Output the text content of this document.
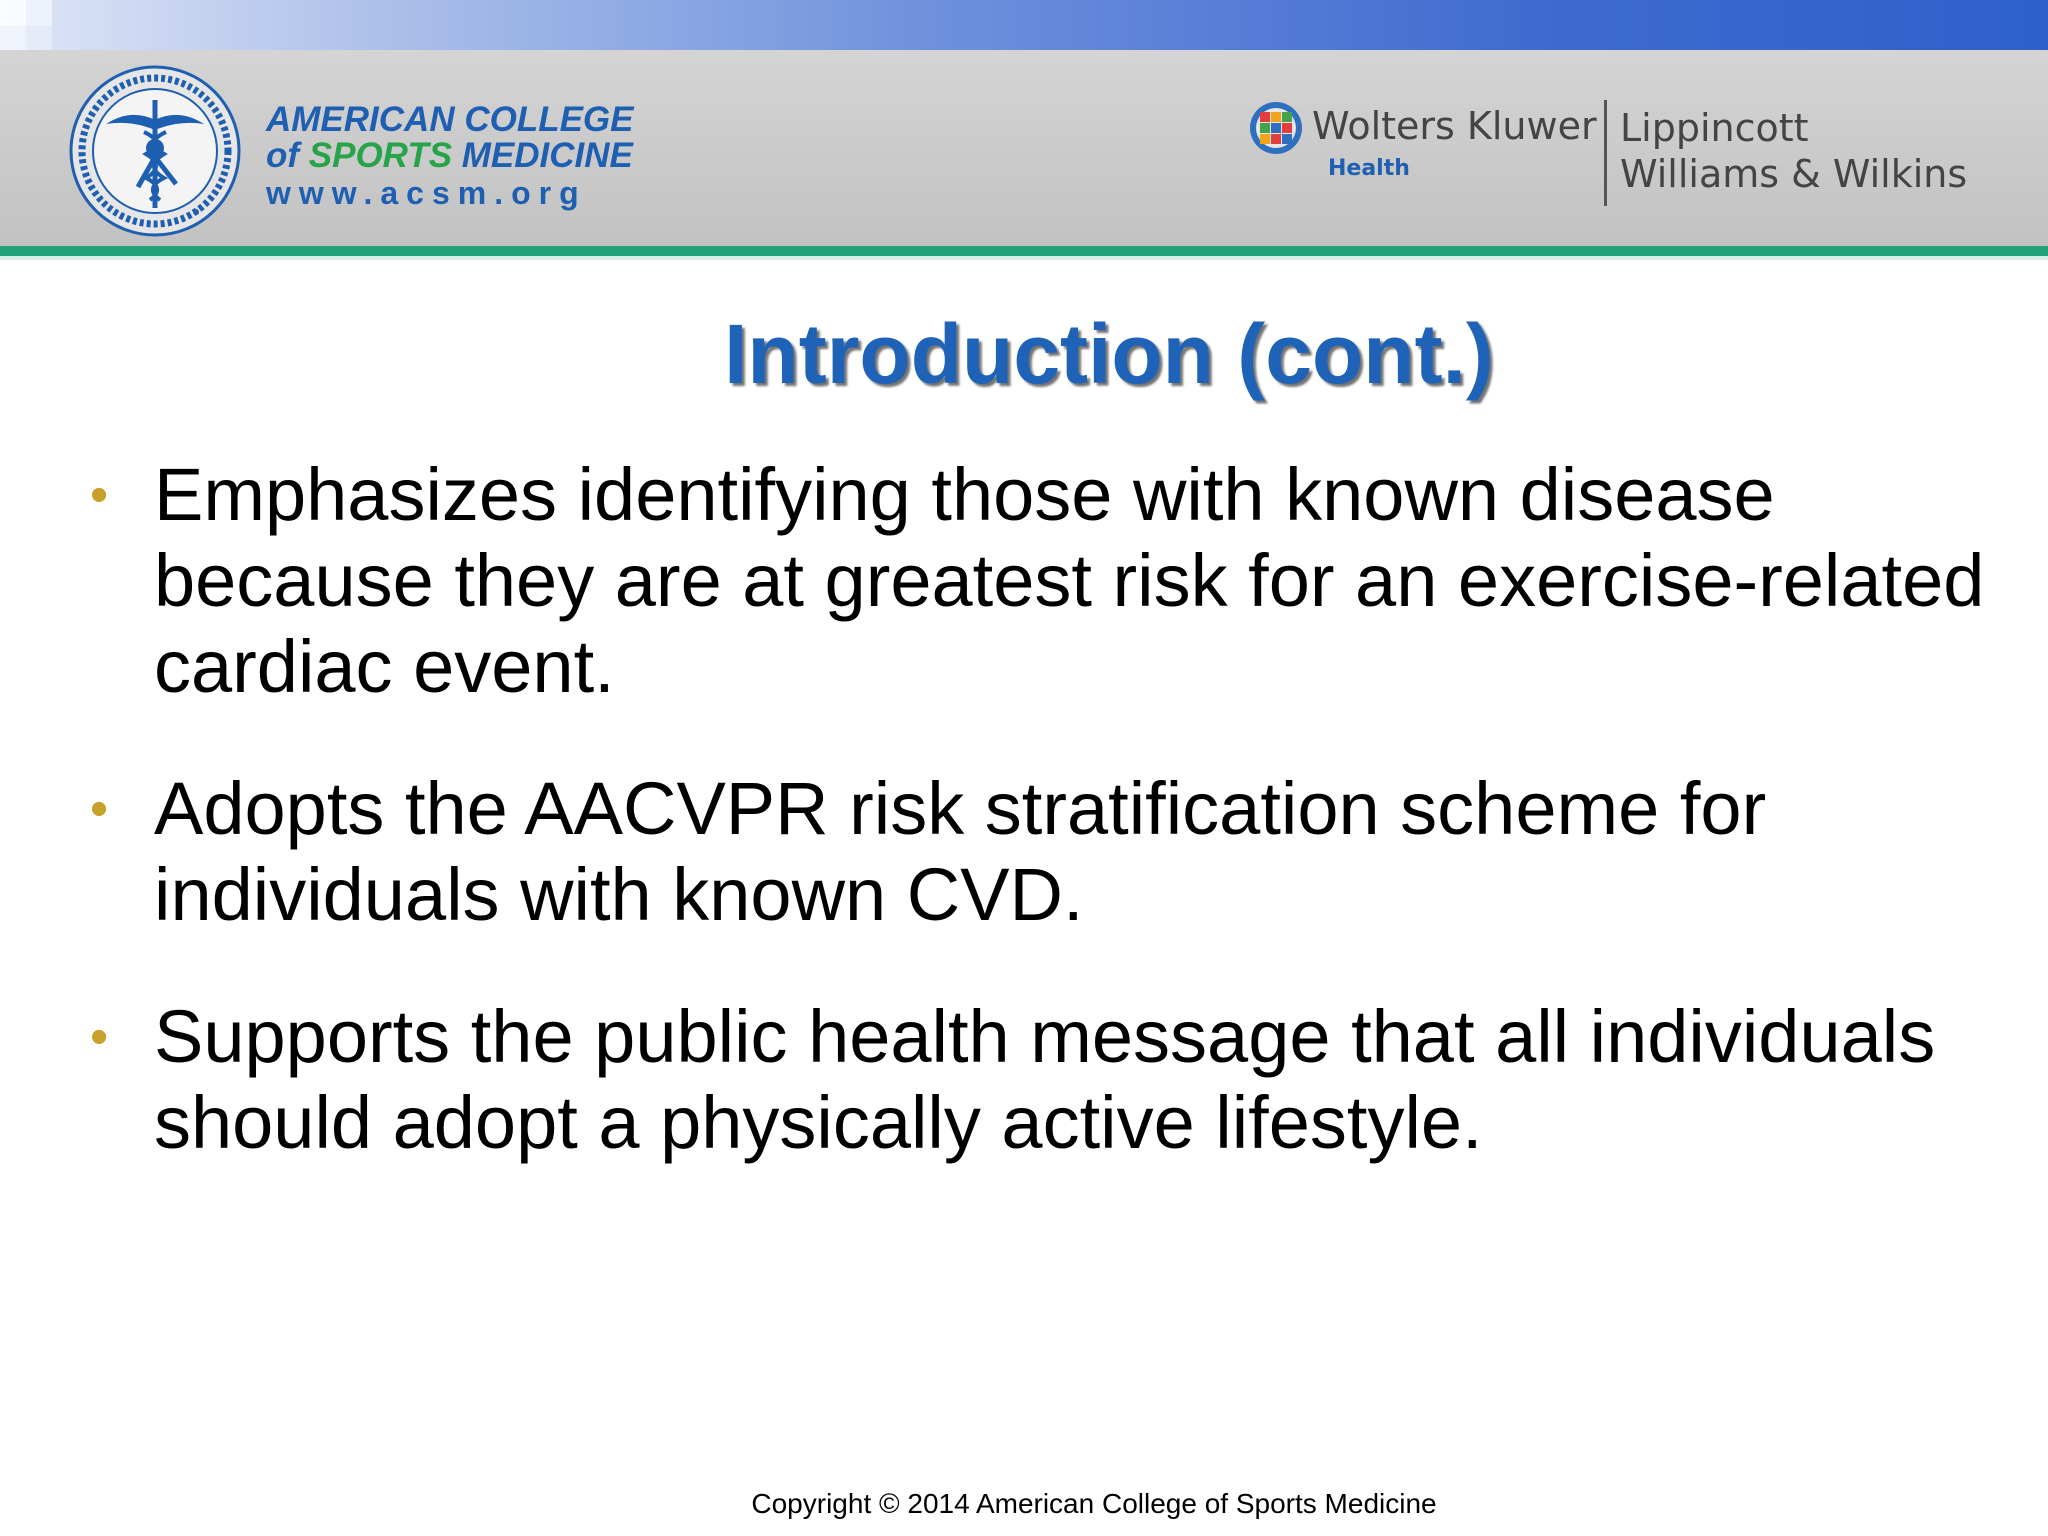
AMERICAN COLLEGE
of SPORTS MEDICINE
www.acsm.org
Wolters Kluwer
Health
Lippincott
Williams & Wilkins
Introduction (cont.)
• Emphasizes identifying those with known disease because they are at greatest risk for an exercise-related cardiac event.
• Adopts the AACVPR risk stratification scheme for individuals with known CVD.
• Supports the public health message that all individuals should adopt a physically active lifestyle.
Copyright © 2014 American College of Sports Medicine
